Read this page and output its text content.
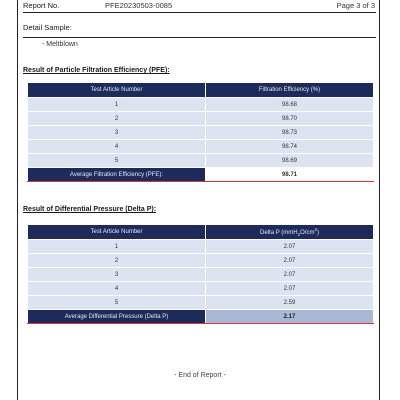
Report No.	PFE20230503-0085	Page 3 of 3
Detail Sample:
- Meltblown
Result of Particle Filtration Efficiency (PFE):
Test Article Number	Filtration Efficiency (%)
1	98.68
2	98.70
3	98.73
4	98.74
5	98.69
Average Filtration Efficiency (PFE):	98.71
Result of Differential Pressure (Delta P):
Test Article Number	Delta P $(mmH_2O/cm^2)$
1	2.07
2	2.07
3	2.07
4	2.07
5	2.59
Average Differential Pressure (Delta P)	2.17
- End of Report -
